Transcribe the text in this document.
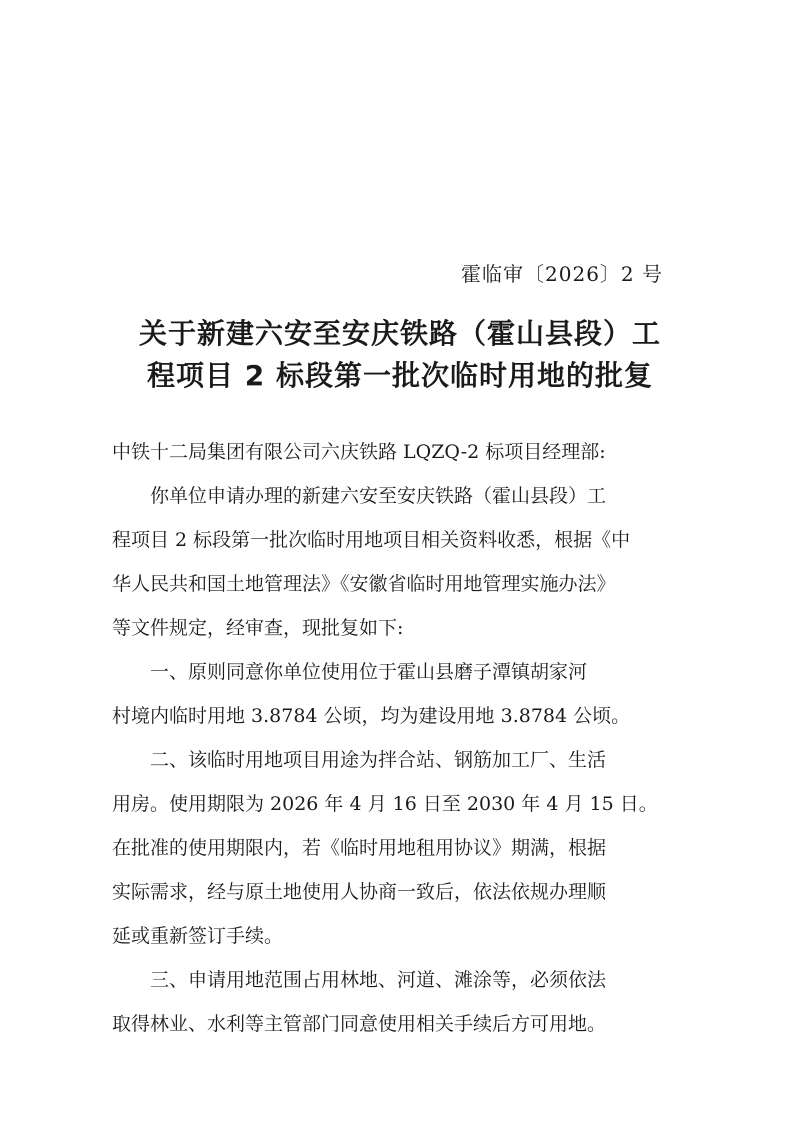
霍临审〔2026〕2 号
关于新建六安至安庆铁路（霍山县段）工
程项目 2 标段第一批次临时用地的批复

中铁十二局集团有限公司六庆铁路 LQZQ-2 标项目经理部:

你单位申请办理的新建六安至安庆铁路（霍山县段）工
程项目 2 标段第一批次临时用地项目相关资料收悉，根据《中
华人民共和国土地管理法》《安徽省临时用地管理实施办法》
等文件规定，经审查，现批复如下:
一、原则同意你单位使用位于霍山县磨子潭镇胡家河
村境内临时用地 3.8784 公顷，均为建设用地 3.8784 公顷。
二、该临时用地项目用途为拌合站、钢筋加工厂、生活
用房。使用期限为 2026 年 4 月 16 日至 2030 年 4 月 15 日。
在批准的使用期限内，若《临时用地租用协议》期满，根据
实际需求，经与原土地使用人协商一致后，依法依规办理顺
延或重新签订手续。
三、申请用地范围占用林地、河道、滩涂等，必须依法
取得林业、水利等主管部门同意使用相关手续后方可用地。
